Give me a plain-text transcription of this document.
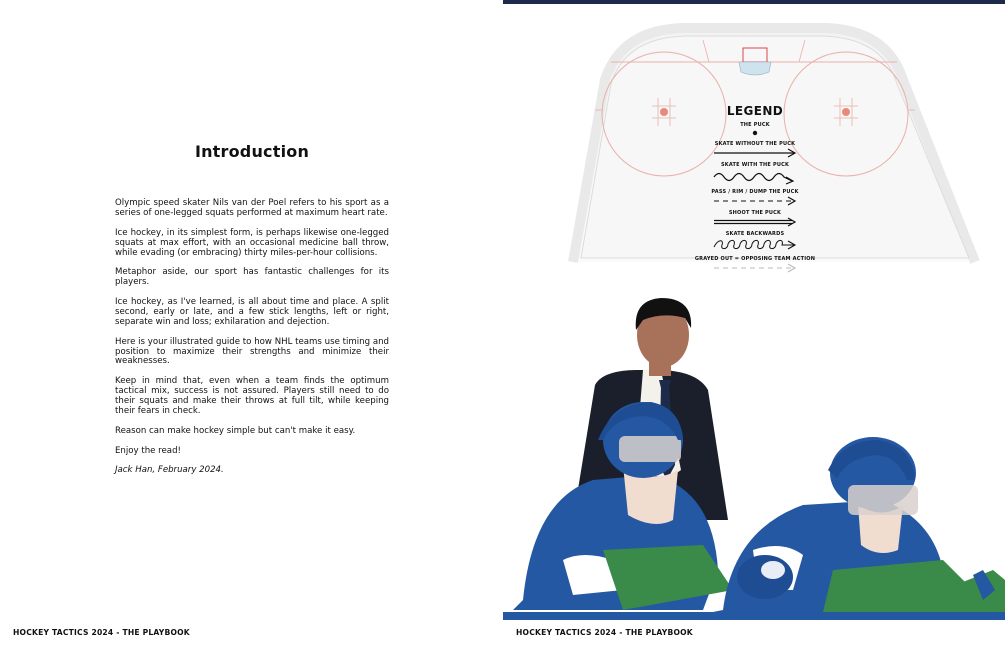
Introduction

Olympic speed skater Nils van der Poel refers to his sport as a series of one-legged squats performed at maximum heart rate.

Ice hockey, in its simplest form, is perhaps likewise one-legged squats at max effort, with an occasional medicine ball throw, while evading (or embracing) thirty miles-per-hour collisions.

Metaphor aside, our sport has fantastic challenges for its players.

Ice hockey, as I've learned, is all about time and place. A split second, early or late, and a few stick lengths, left or right, separate win and loss; exhilaration and dejection.

Here is your illustrated guide to how NHL teams use timing and position to maximize their strengths and minimize their weaknesses.

Keep in mind that, even when a team finds the optimum tactical mix, success is not assured. Players still need to do their squats and make their throws at full tilt, while keeping their fears in check.

Reason can make hockey simple but can't make it easy.

Enjoy the read!

Jack Han, February 2024.

HOCKEY TACTICS 2024 - THE PLAYBOOK
LEGEND
THE PUCK
SKATE WITHOUT THE PUCK
SKATE WITH THE PUCK
PASS / RIM / DUMP THE PUCK
SHOOT THE PUCK
SKATE BACKWARDS
GRAYED OUT = OPPOSING TEAM ACTION
HOCKEY TACTICS 2024 - THE PLAYBOOK
